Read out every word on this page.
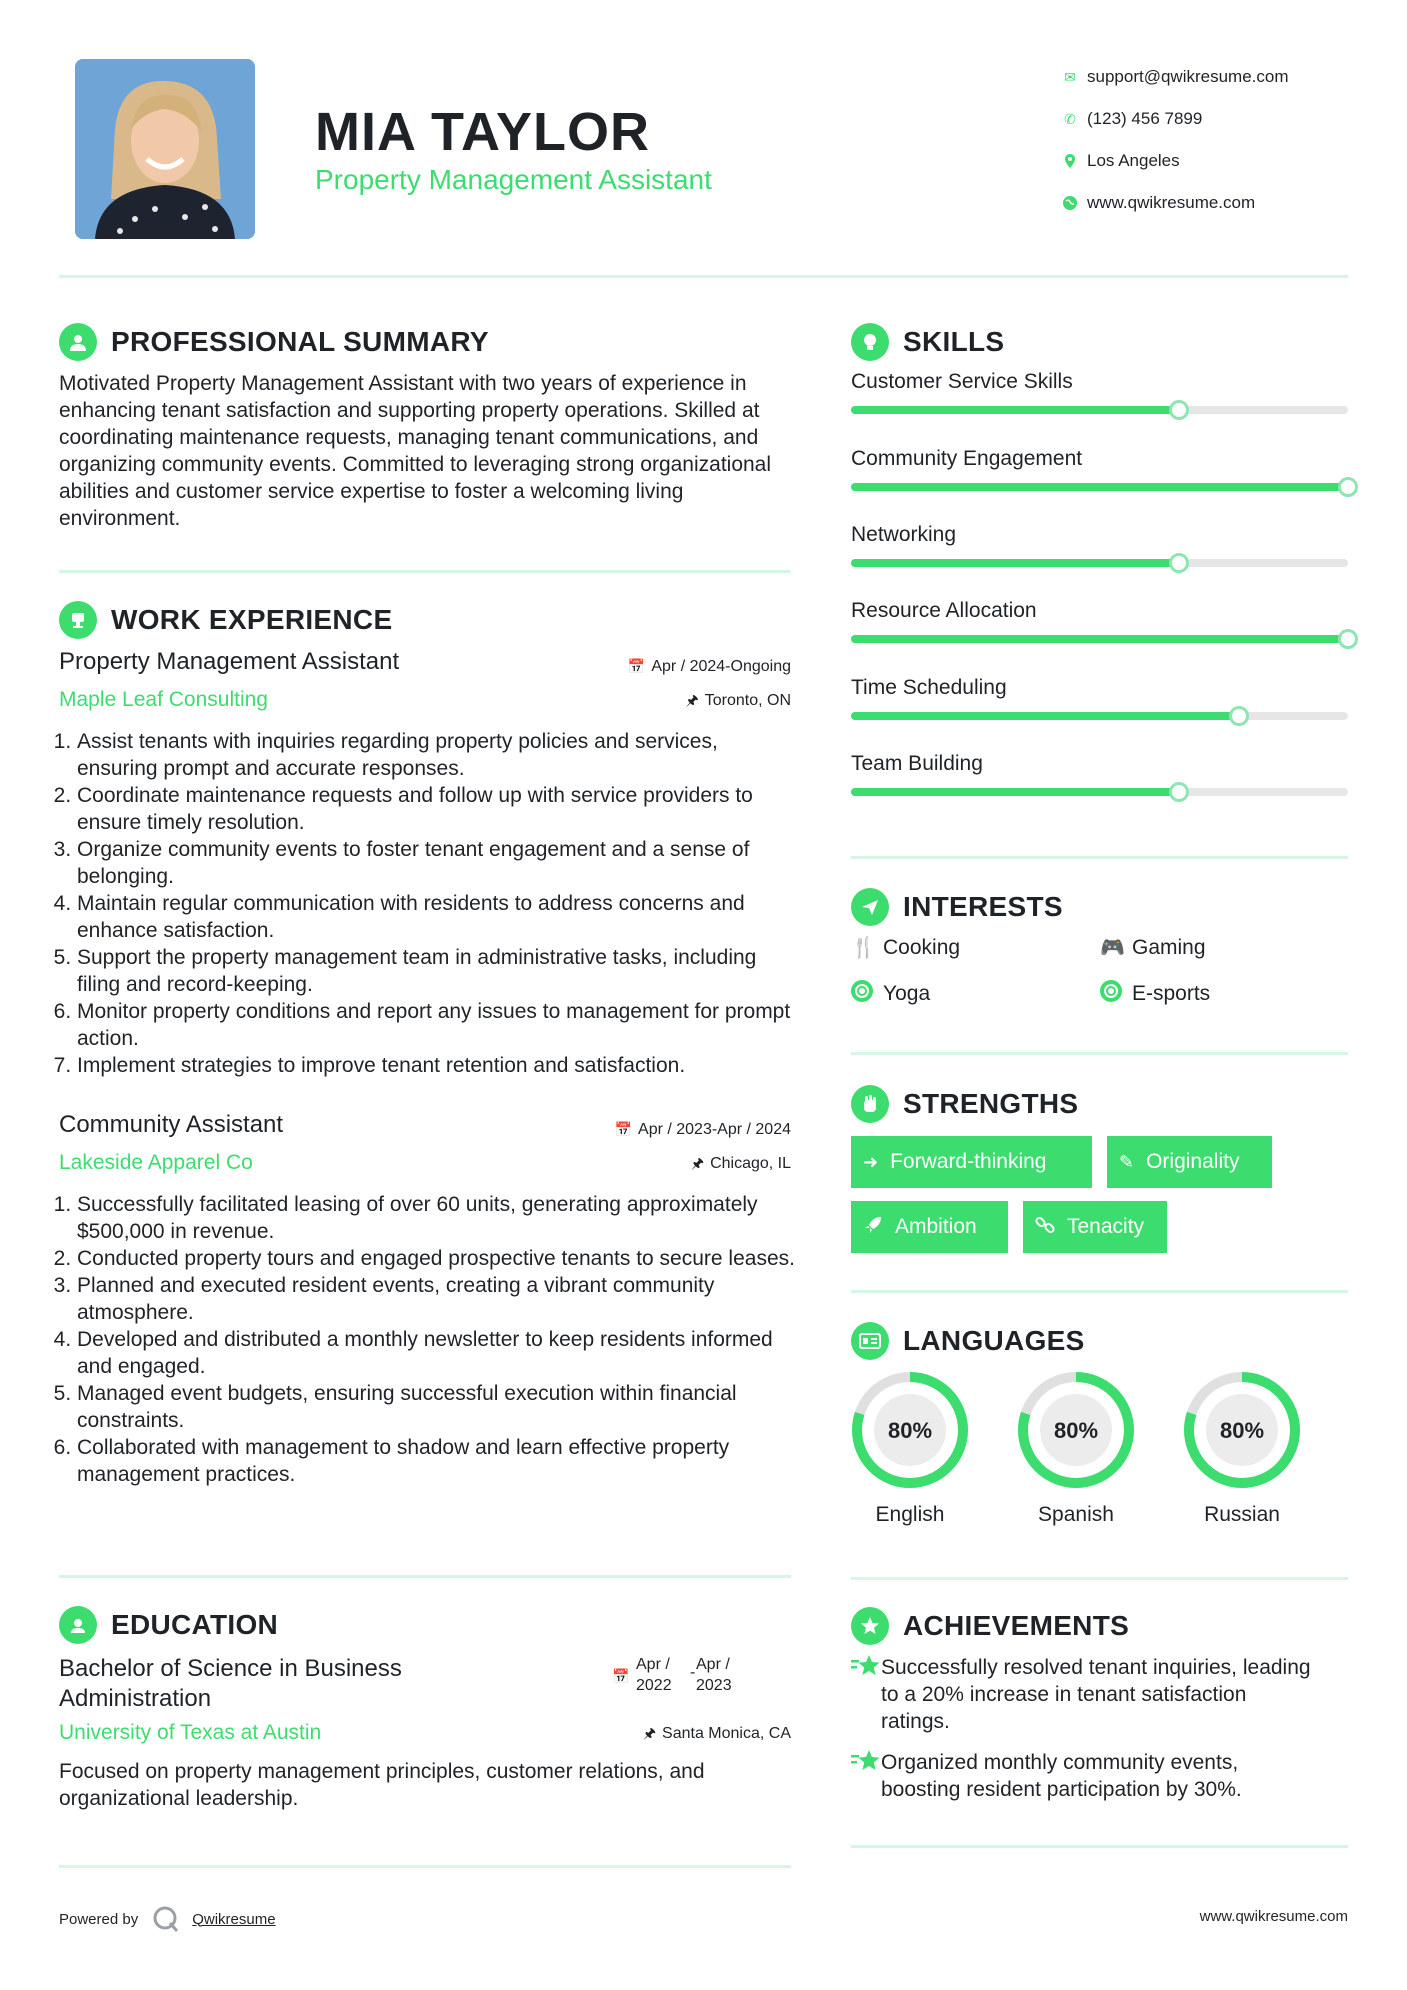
MIA TAYLOR
Property Management Assistant
✉ support@qwikresume.com
✆ (123) 456 7899
Los Angeles
www.qwikresume.com
PROFESSIONAL SUMMARY
Motivated Property Management Assistant with two years of experience in enhancing tenant satisfaction and supporting property operations. Skilled at coordinating maintenance requests, managing tenant communications, and organizing community events. Committed to leveraging strong organizational abilities and customer service expertise to foster a welcoming living environment.
WORK EXPERIENCE
Property Management Assistant	📅 Apr / 2024-Ongoing
Maple Leaf Consulting	🖈 Toronto, ON
1. Assist tenants with inquiries regarding property policies and services, ensuring prompt and accurate responses.
2. Coordinate maintenance requests and follow up with service providers to ensure timely resolution.
3. Organize community events to foster tenant engagement and a sense of belonging.
4. Maintain regular communication with residents to address concerns and enhance satisfaction.
5. Support the property management team in administrative tasks, including filing and record-keeping.
6. Monitor property conditions and report any issues to management for prompt action.
7. Implement strategies to improve tenant retention and satisfaction.
Community Assistant	📅 Apr / 2023-Apr / 2024
Lakeside Apparel Co	🖈 Chicago, IL
1. Successfully facilitated leasing of over 60 units, generating approximately $500,000 in revenue.
2. Conducted property tours and engaged prospective tenants to secure leases.
3. Planned and executed resident events, creating a vibrant community atmosphere.
4. Developed and distributed a monthly newsletter to keep residents informed and engaged.
5. Managed event budgets, ensuring successful execution within financial constraints.
6. Collaborated with management to shadow and learn effective property management practices.
EDUCATION
Bachelor of Science in Business Administration
📅
Apr / 2022
- Apr / 2023
University of Texas at Austin	🖈 Santa Monica, CA
Focused on property management principles, customer relations, and organizational leadership.
SKILLS
Customer Service Skills
Community Engagement
Networking
Resource Allocation
Time Scheduling
Team Building
INTERESTS
🍴 Cooking	🎮 Gaming
Yoga	E-sports
STRENGTHS
➜ Forward-thinking	✎ Originality
Ambition	Tenacity
LANGUAGES
80%
English
80%
Spanish
80%
Russian
ACHIEVEMENTS
Successfully resolved tenant inquiries, leading to a 20% increase in tenant satisfaction ratings.
Organized monthly community events, boosting resident participation by 30%.
Powered by	Qwikresume	www.qwikresume.com
